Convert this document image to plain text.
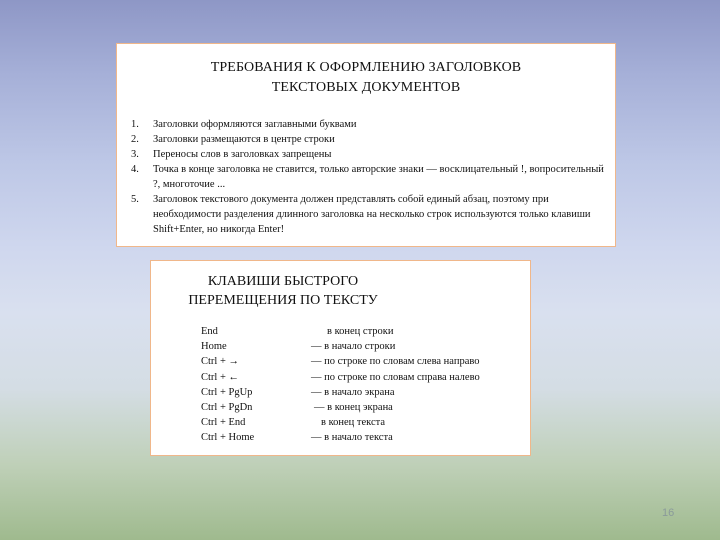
ТРЕБОВАНИЯ К ОФОРМЛЕНИЮ ЗАГОЛОВКОВ
ТЕКСТОВЫХ ДОКУМЕНТОВ
1. Заголовки оформляются заглавными буквами
2. Заголовки размещаются в центре строки
3. Переносы слов в заголовках запрещены
4. Точка в конце заголовка не ставится, только авторские знаки — восклицательный !, вопросительный ?, многоточие ...
5. Заголовок текстового документа должен представлять собой единый абзац, поэтому при необходимости разделения длинного заголовка на несколько строк используются только клавиши Shift+Enter, но никогда Enter!
КЛАВИШИ БЫСТРОГО
ПЕРЕМЕЩЕНИЯ ПО ТЕКСТУ
End	в конец строки
Home	— в начало строки
Ctrl + →	— по строке по словам слева направо
Ctrl + ←	— по строке по словам справа налево
Ctrl + PgUp	— в начало экрана
Ctrl + PgDn	— в конец экрана
Ctrl + End	в конец текста
Ctrl + Home	— в начало текста
16
